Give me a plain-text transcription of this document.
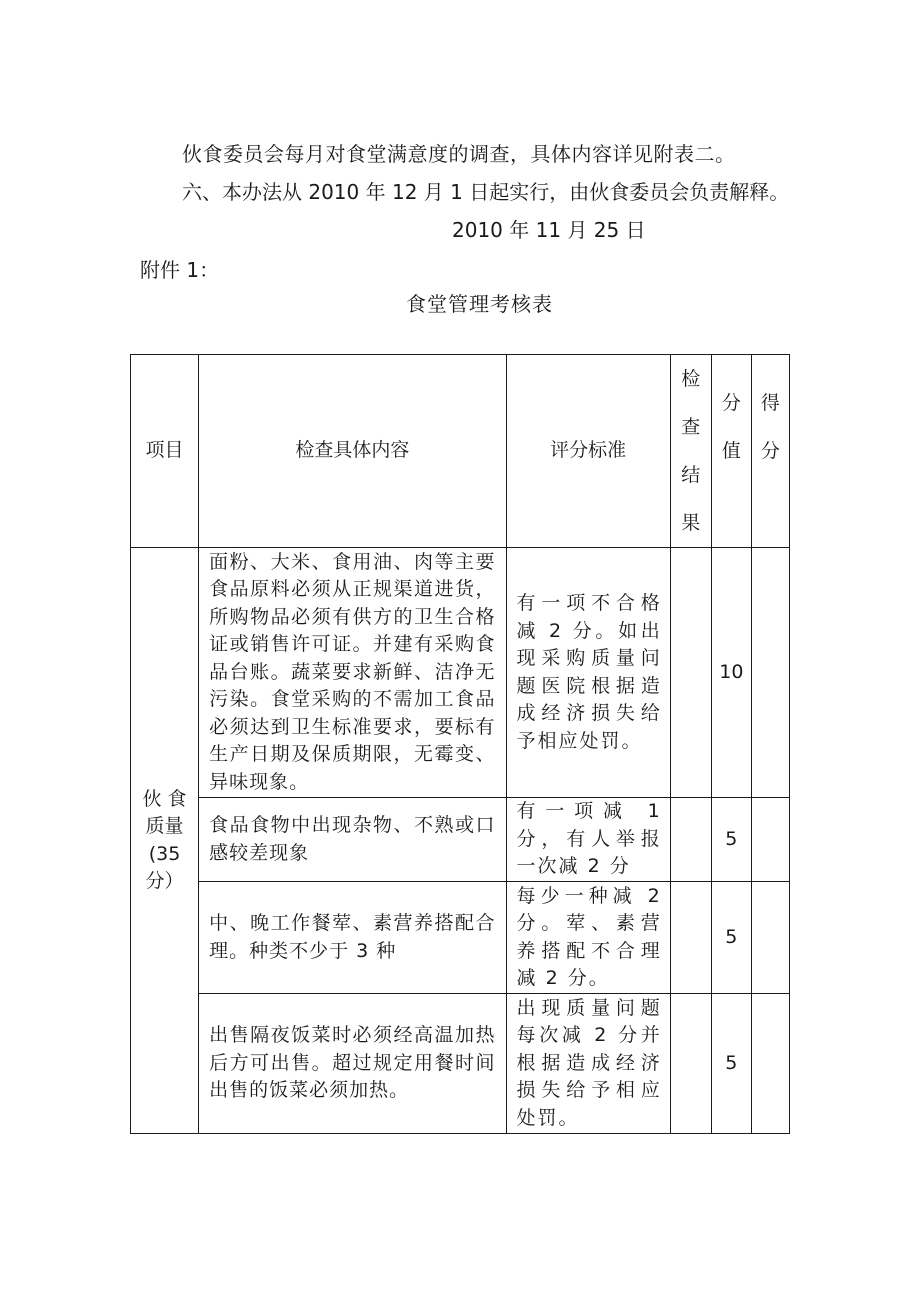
伙食委员会每月对食堂满意度的调查，具体内容详见附表二。
六、本办法从 2010 年 12 月 1 日起实行，由伙食委员会负责解释。
2010 年 11 月 25 日
附件 1：
食堂管理考核表
项目	检查具体内容	评分标准	检查结果	分值	得分
伙 食 质量 (35 分）	面粉、大米、食用油、肉等主要食品原料必须从正规渠道进货，所购物品必须有供方的卫生合格证或销售许可证。并建有采购食品台账。蔬菜要求新鲜、洁净无污染。食堂采购的不需加工食品必须达到卫生标准要求，要标有生产日期及保质期限，无霉变、异味现象。	有一项不合格减 2 分。如出现采购质量问题医院根据造成经济损失给予相应处罚。		10	
	食品食物中出现杂物、不熟或口感较差现象	有一项减 1 分，有人举报一次减 2 分		5	
	中、晚工作餐荤、素营养搭配合理。种类不少于 3 种	每少一种减 2 分。荤、素营养搭配不合理减 2 分。		5	
	出售隔夜饭菜时必须经高温加热后方可出售。超过规定用餐时间出售的饭菜必须加热。	出现质量问题每次减 2 分并根据造成经济损失给予相应处罚。		5	
